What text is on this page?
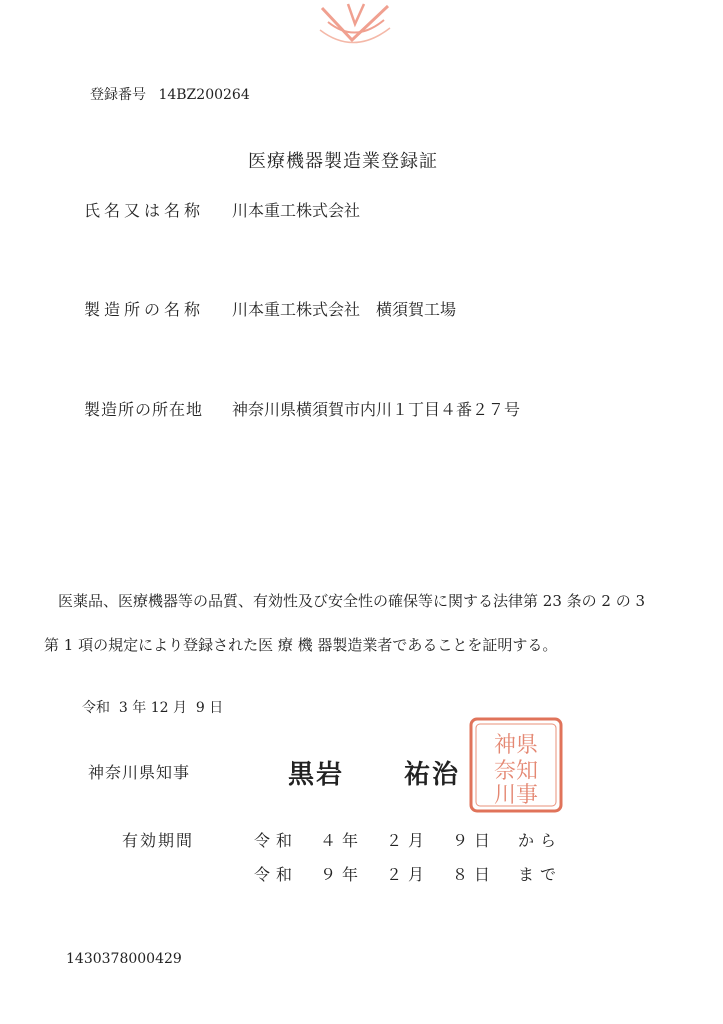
登録番号 14BZ200264
医療機器製造業登録証
氏名又は名称 川本重工株式会社
製造所の名称 川本重工株式会社　横須賀工場
製造所の所在地 神奈川県横須賀市内川１丁目４番２７号
医薬品、医療機器等の品質、有効性及び安全性の確保等に関する法律第 23 条の 2 の 3
第 1 項の規定により登録された医 療 機 器製造業者であることを証明する。
令和  3 年 12 月  9 日
神県
奈知
川事
神奈川県知事	黒岩 祐治
有効期間	令和　４年　２月　９日　から
令和　９年　２月　８日　まで
1430378000429
